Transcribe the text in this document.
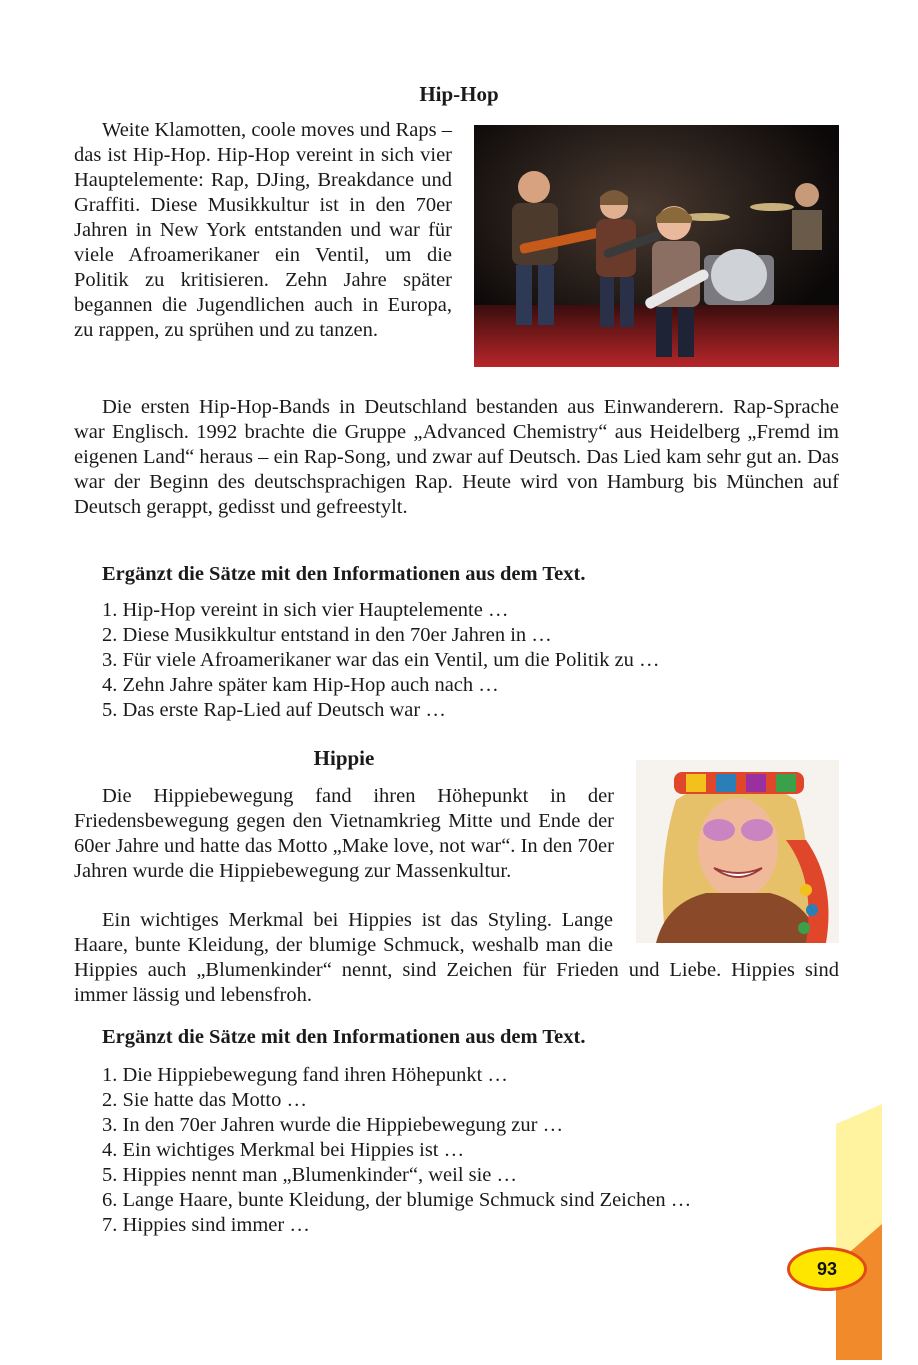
Hip-Hop

Weite Klamotten, coole moves und Raps – das ist Hip-Hop. Hip-Hop vereint in sich vier Hauptelemente: Rap, DJing, Breakdance und Graffiti. Diese Musikkultur ist in den 70er Jahren in New York entstanden und war für viele Afroamerikaner ein Ventil, um die Politik zu kritisieren. Zehn Jahre später begannen die Jugendlichen auch in Europa, zu rappen, zu sprühen und zu tanzen.

Die ersten Hip-Hop-Bands in Deutschland bestanden aus Einwanderern. Rap-Sprache war Englisch. 1992 brachte die Gruppe „Advanced Chemistry“ aus Heidelberg „Fremd im eigenen Land“ heraus – ein Rap-Song, und zwar auf Deutsch. Das Lied kam sehr gut an. Das war der Beginn des deutschsprachigen Rap. Heute wird von Hamburg bis München auf Deutsch gerappt, gedisst und gefreestylt.

Ergänzt die Sätze mit den Informationen aus dem Text.
1. Hip-Hop vereint in sich vier Hauptelemente …
2. Diese Musikkultur entstand in den 70er Jahren in …
3. Für viele Afroamerikaner war das ein Ventil, um die Politik zu …
4. Zehn Jahre später kam Hip-Hop auch nach …
5. Das erste Rap-Lied auf Deutsch war …
Hippie

Die Hippiebewegung fand ihren Höhepunkt in der Friedensbewegung gegen den Vietnamkrieg Mitte und Ende der 60er Jahre und hatte das Motto „Make love, not war“. In den 70er Jahren wurde die Hippiebewegung zur Massenkultur.

Ein wichtiges Merkmal bei Hippies ist das Styling. Lange Haare, bunte Kleidung, der blumige Schmuck, weshalb man die Hippies auch „Blumenkinder“ nennt, sind Zeichen für Frieden und Liebe. Hippies sind immer lässig und lebensfroh.

Ergänzt die Sätze mit den Informationen aus dem Text.
1. Die Hippiebewegung fand ihren Höhepunkt …
2. Sie hatte das Motto …
3. In den 70er Jahren wurde die Hippiebewegung zur …
4. Ein wichtiges Merkmal bei Hippies ist …
5. Hippies nennt man „Blumenkinder“, weil sie …
6. Lange Haare, bunte Kleidung, der blumige Schmuck sind Zeichen …
7. Hippies sind immer …
93
